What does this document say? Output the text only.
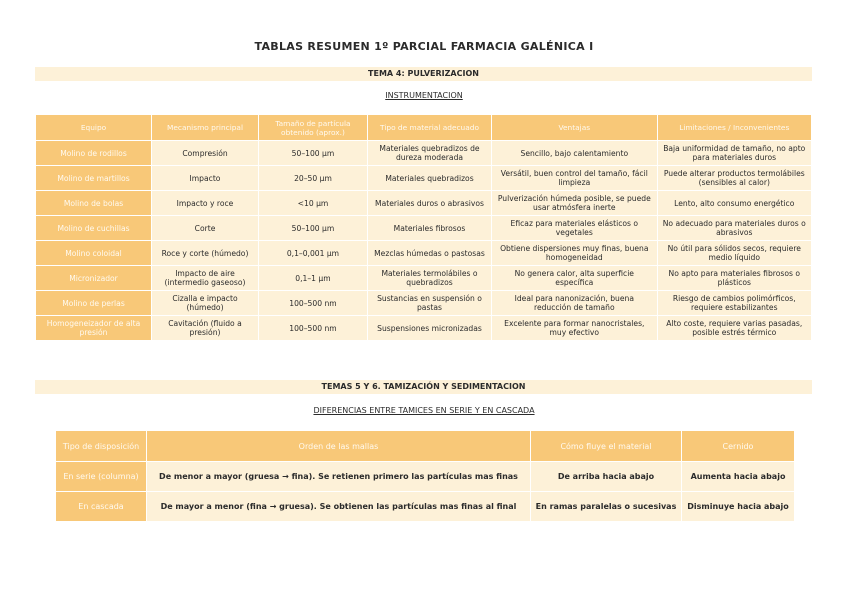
TABLAS RESUMEN 1º PARCIAL FARMACIA GALÉNICA I
TEMA 4: PULVERIZACION
INSTRUMENTACION
Equipo	Mecanismo principal	Tamaño de partícula obtenido (aprox.)	Tipo de material adecuado	Ventajas	Limitaciones / Inconvenientes
Molino de rodillos	Compresión	50–100 µm	Materiales quebradizos de dureza moderada	Sencillo, bajo calentamiento	Baja uniformidad de tamaño, no apto para materiales duros
Molino de martillos	Impacto	20–50 µm	Materiales quebradizos	Versátil, buen control del tamaño, fácil limpieza	Puede alterar productos termolábiles (sensibles al calor)
Molino de bolas	Impacto y roce	<10 µm	Materiales duros o abrasivos	Pulverización húmeda posible, se puede usar atmósfera inerte	Lento, alto consumo energético
Molino de cuchillas	Corte	50–100 µm	Materiales fibrosos	Eficaz para materiales elásticos o vegetales	No adecuado para materiales duros o abrasivos
Molino coloidal	Roce y corte (húmedo)	0,1–0,001 µm	Mezclas húmedas o pastosas	Obtiene dispersiones muy finas, buena homogeneidad	No útil para sólidos secos, requiere medio líquido
Micronizador	Impacto de aire (intermedio gaseoso)	0,1–1 µm	Materiales termolábiles o quebradizos	No genera calor, alta superficie específica	No apto para materiales fibrosos o plásticos
Molino de perlas	Cizalla e impacto (húmedo)	100–500 nm	Sustancias en suspensión o pastas	Ideal para nanonización, buena reducción de tamaño	Riesgo de cambios polimórficos, requiere estabilizantes
Homogeneizador de alta presión	Cavitación (fluido a presión)	100–500 nm	Suspensiones micronizadas	Excelente para formar nanocristales, muy efectivo	Alto coste, requiere varias pasadas, posible estrés térmico
TEMAS 5 Y 6. TAMIZACIÓN Y SEDIMENTACION
DIFERENCIAS ENTRE TAMICES EN SERIE Y EN CASCADA
Tipo de disposición	Orden de las mallas	Cómo fluye el material	Cernido
En serie (columna)	De menor a mayor (gruesa → fina). Se retienen primero las partículas mas finas	De arriba hacia abajo	Aumenta hacia abajo
En cascada	De mayor a menor (fina → gruesa). Se obtienen las partículas mas finas al final	En ramas paralelas o sucesivas	Disminuye hacia abajo
